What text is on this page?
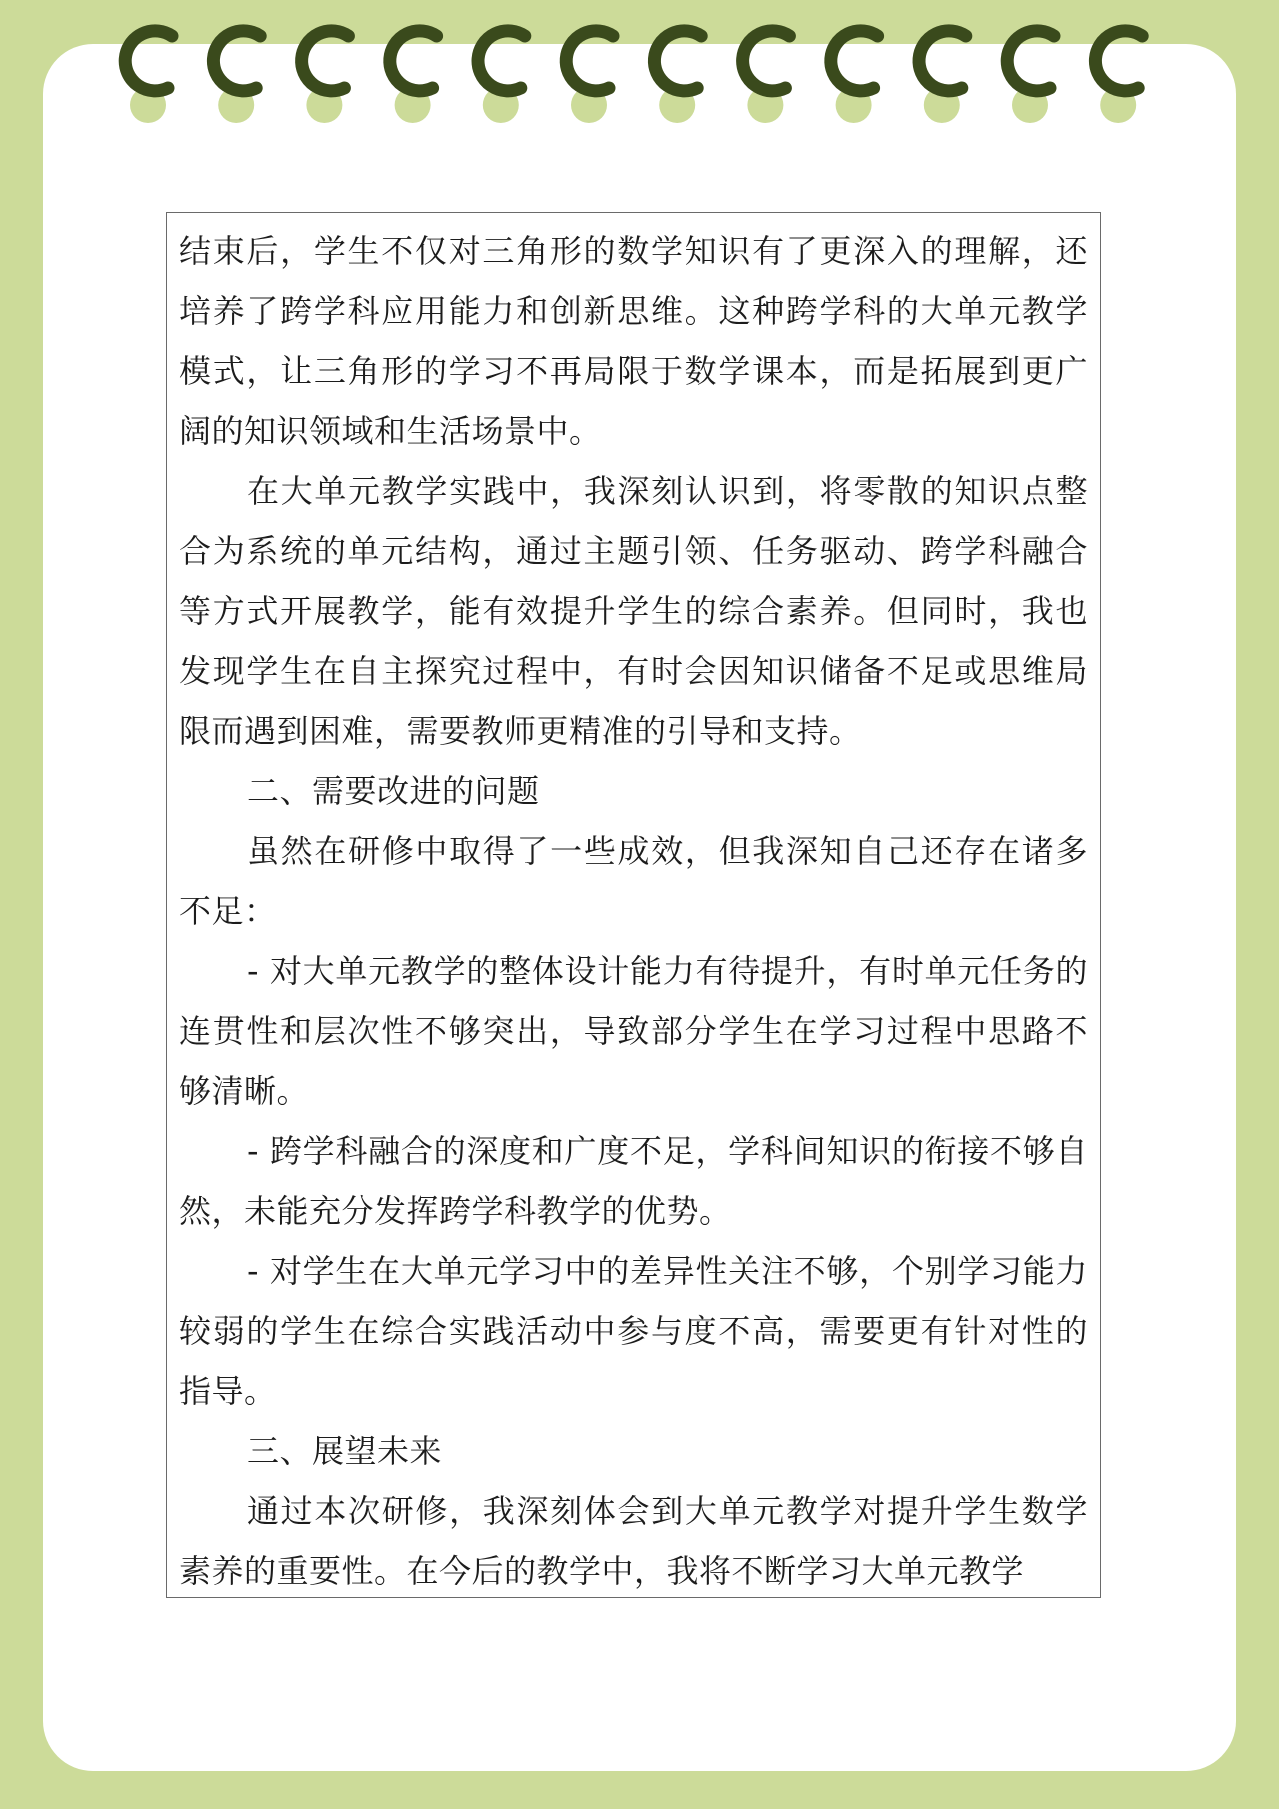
结束后，学生不仅对三角形的数学知识有了更深入的理解，还培养了跨学科应用能力和创新思维。这种跨学科的大单元教学模式，让三角形的学习不再局限于数学课本，而是拓展到更广阔的知识领域和生活场景中。

在大单元教学实践中，我深刻认识到，将零散的知识点整合为系统的单元结构，通过主题引领、任务驱动、跨学科融合等方式开展教学，能有效提升学生的综合素养。但同时，我也发现学生在自主探究过程中，有时会因知识储备不足或思维局限而遇到困难，需要教师更精准的引导和支持。

二、需要改进的问题

虽然在研修中取得了一些成效，但我深知自己还存在诸多不足：

- 对大单元教学的整体设计能力有待提升，有时单元任务的连贯性和层次性不够突出，导致部分学生在学习过程中思路不够清晰。

- 跨学科融合的深度和广度不足，学科间知识的衔接不够自然，未能充分发挥跨学科教学的优势。

- 对学生在大单元学习中的差异性关注不够，个别学习能力较弱的学生在综合实践活动中参与度不高，需要更有针对性的指导。

三、展望未来

通过本次研修，我深刻体会到大单元教学对提升学生数学素养的重要性。在今后的教学中，我将不断学习大单元教学
